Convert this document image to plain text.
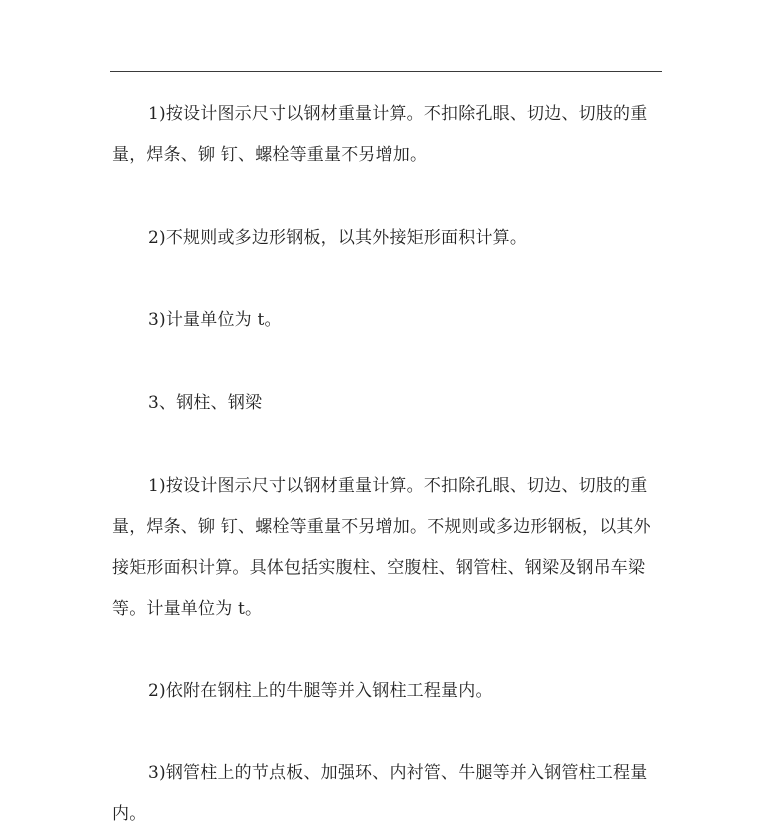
1)按设计图示尺寸以钢材重量计算。不扣除孔眼、切边、切肢的重量，焊条、铆 钉、螺栓等重量不另增加。

2)不规则或多边形钢板，以其外接矩形面积计算。

3)计量单位为 t。

3、钢柱、钢梁

1)按设计图示尺寸以钢材重量计算。不扣除孔眼、切边、切肢的重量，焊条、铆 钉、螺栓等重量不另增加。不规则或多边形钢板，以其外接矩形面积计算。具体包括实腹柱、空腹柱、钢管柱、钢梁及钢吊车梁等。计量单位为 t。

2)依附在钢柱上的牛腿等并入钢柱工程量内。

3)钢管柱上的节点板、加强环、内衬管、牛腿等并入钢管柱工程量内。
